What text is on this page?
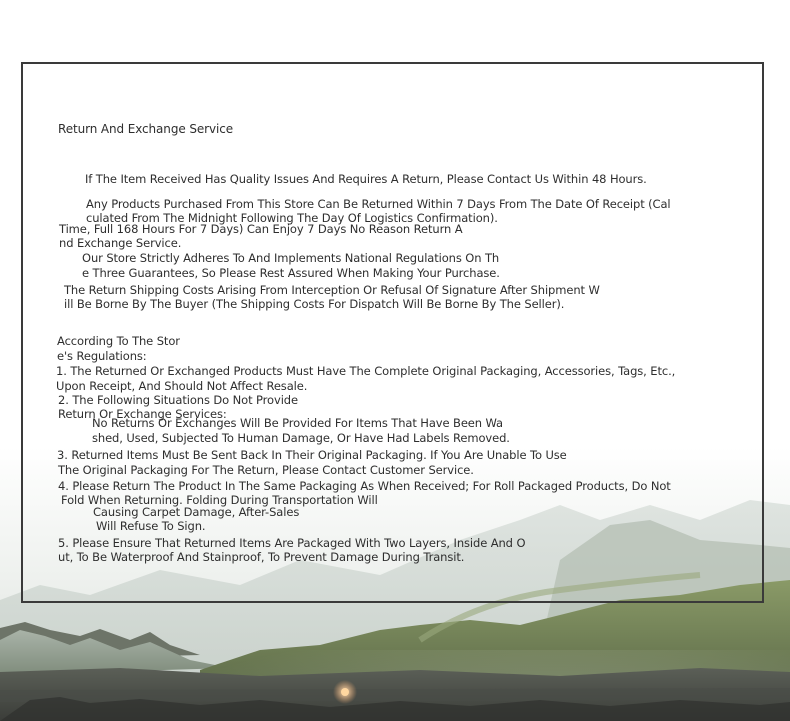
Return And Exchange Service
If The Item Received Has Quality Issues And Requires A Return, Please Contact Us Within 48 Hours.
Any Products Purchased From This Store Can Be Returned Within 7 Days From The Date Of Receipt (Cal
culated From The Midnight Following The Day Of Logistics Confirmation).
Time, Full 168 Hours For 7 Days) Can Enjoy 7 Days No Reason Return A
nd Exchange Service.
Our Store Strictly Adheres To And Implements National Regulations On Th
e Three Guarantees, So Please Rest Assured When Making Your Purchase.
The Return Shipping Costs Arising From Interception Or Refusal Of Signature After Shipment W
ill Be Borne By The Buyer (The Shipping Costs For Dispatch Will Be Borne By The Seller).
According To The Stor
e's Regulations:
1. The Returned Or Exchanged Products Must Have The Complete Original Packaging, Accessories, Tags, Etc.,
Upon Receipt, And Should Not Affect Resale.
2. The Following Situations Do Not Provide
Return Or Exchange Services:
No Returns Or Exchanges Will Be Provided For Items That Have Been Wa
shed, Used, Subjected To Human Damage, Or Have Had Labels Removed.
3. Returned Items Must Be Sent Back In Their Original Packaging. If You Are Unable To Use
The Original Packaging For The Return, Please Contact Customer Service.
4. Please Return The Product In The Same Packaging As When Received; For Roll Packaged Products, Do Not
Fold When Returning. Folding During Transportation Will
Causing Carpet Damage, After-Sales
Will Refuse To Sign.
5. Please Ensure That Returned Items Are Packaged With Two Layers, Inside And O
ut, To Be Waterproof And Stainproof, To Prevent Damage During Transit.
